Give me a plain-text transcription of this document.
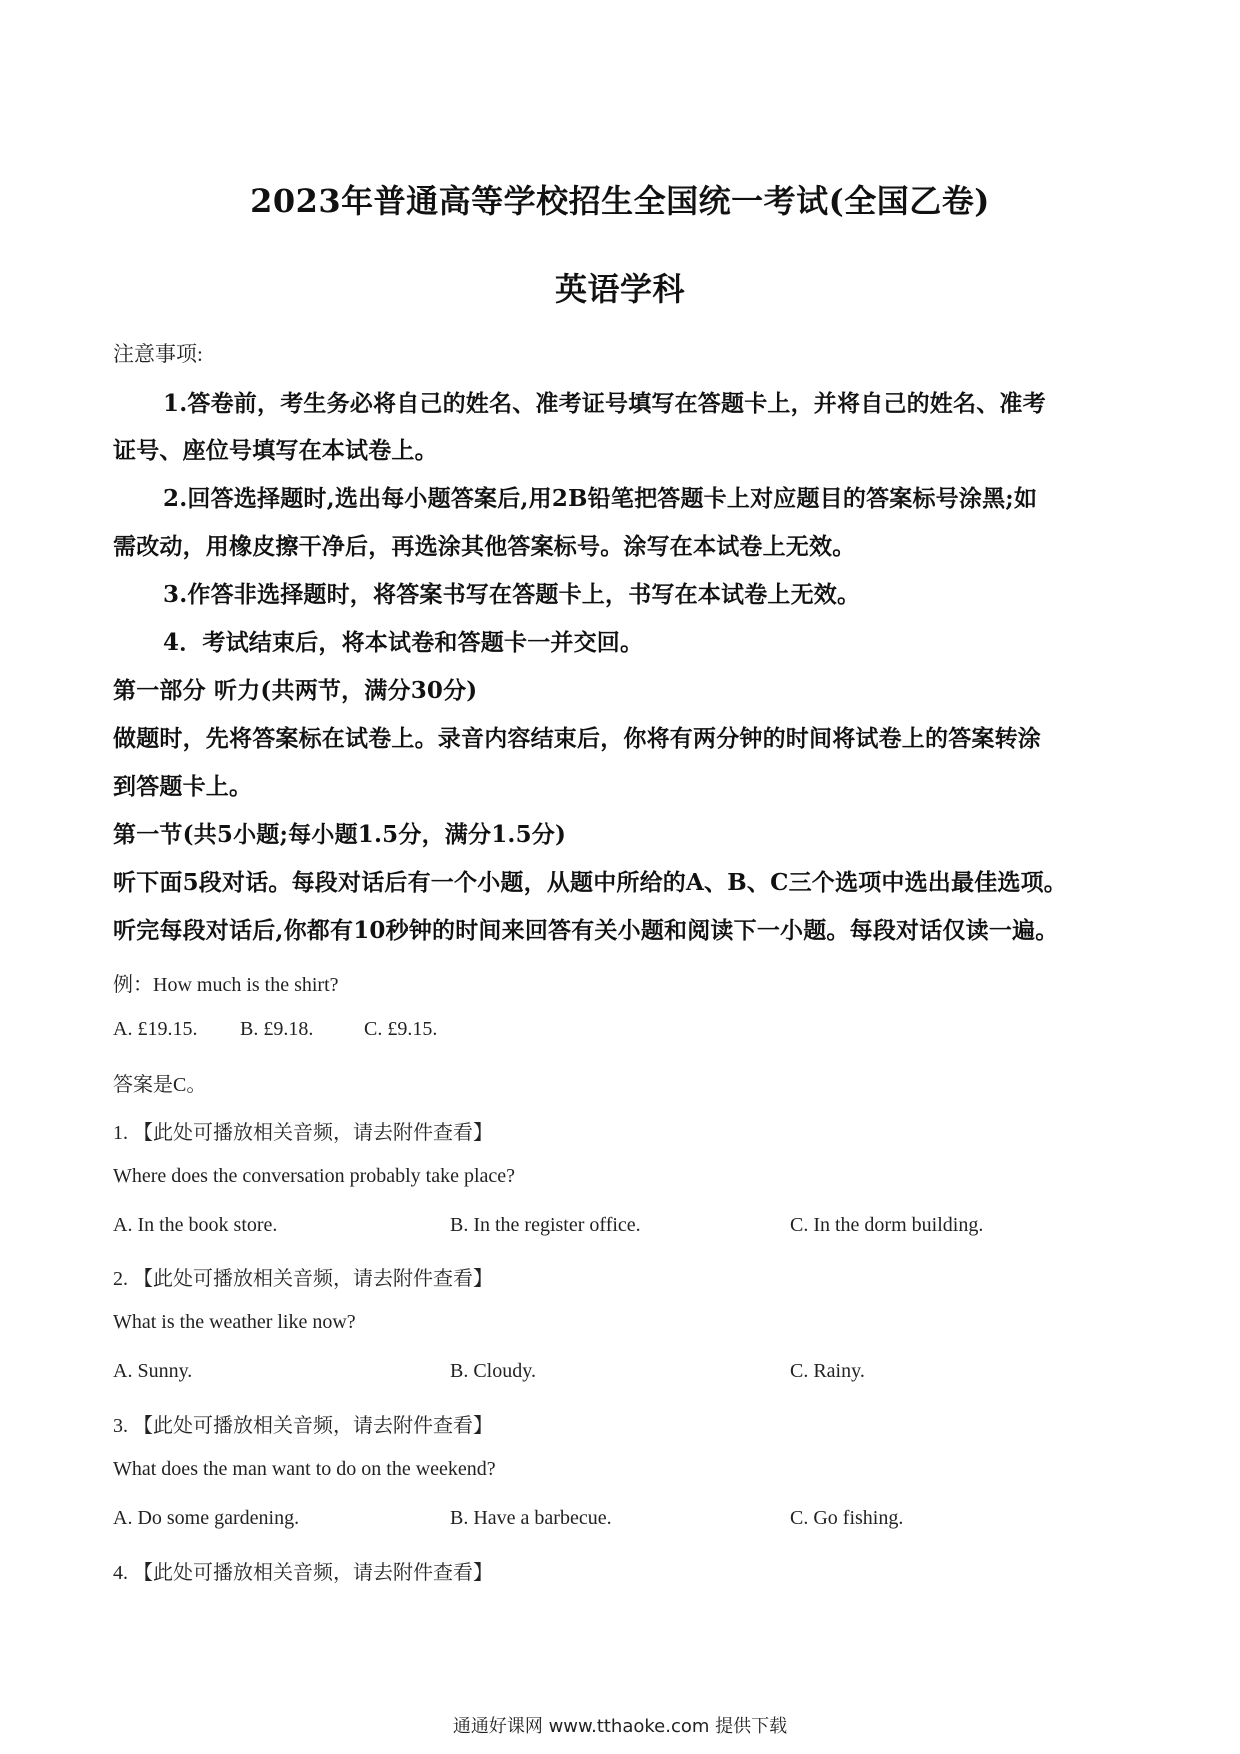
2023年普通高等学校招生全国统一考试(全国乙卷)
英语学科
注意事项:
1.答卷前，考生务必将自己的姓名、准考证号填写在答题卡上，并将自己的姓名、准考
证号、座位号填写在本试卷上。
2.回答选择题时,选出每小题答案后,用2B铅笔把答题卡上对应题目的答案标号涂黑;如
需改动，用橡皮擦干净后，再选涂其他答案标号。涂写在本试卷上无效。
3.作答非选择题时，将答案书写在答题卡上，书写在本试卷上无效。
4．考试结束后，将本试卷和答题卡一并交回。
第一部分 听力(共两节，满分30分)
做题时，先将答案标在试卷上。录音内容结束后，你将有两分钟的时间将试卷上的答案转涂
到答题卡上。
第一节(共5小题;每小题1.5分，满分1.5分)
听下面5段对话。每段对话后有一个小题，从题中所给的A、B、C三个选项中选出最佳选项。
听完每段对话后,你都有10秒钟的时间来回答有关小题和阅读下一小题。每段对话仅读一遍。
例：How much is the shirt?
A. £19.15. B. £9.18.	C. £9.15.
答案是C。
1. 【此处可播放相关音频，请去附件查看】
Where does the conversation probably take place?
A. In the book store.	B. In the register office.	C. In the dorm building.
2. 【此处可播放相关音频，请去附件查看】
What is the weather like now?
A. Sunny.	B. Cloudy.	C. Rainy.
3. 【此处可播放相关音频，请去附件查看】
What does the man want to do on the weekend?
A. Do some gardening.	B. Have a barbecue.	C. Go fishing.
4. 【此处可播放相关音频，请去附件查看】
通通好课网 www.tthaoke.com 提供下载
